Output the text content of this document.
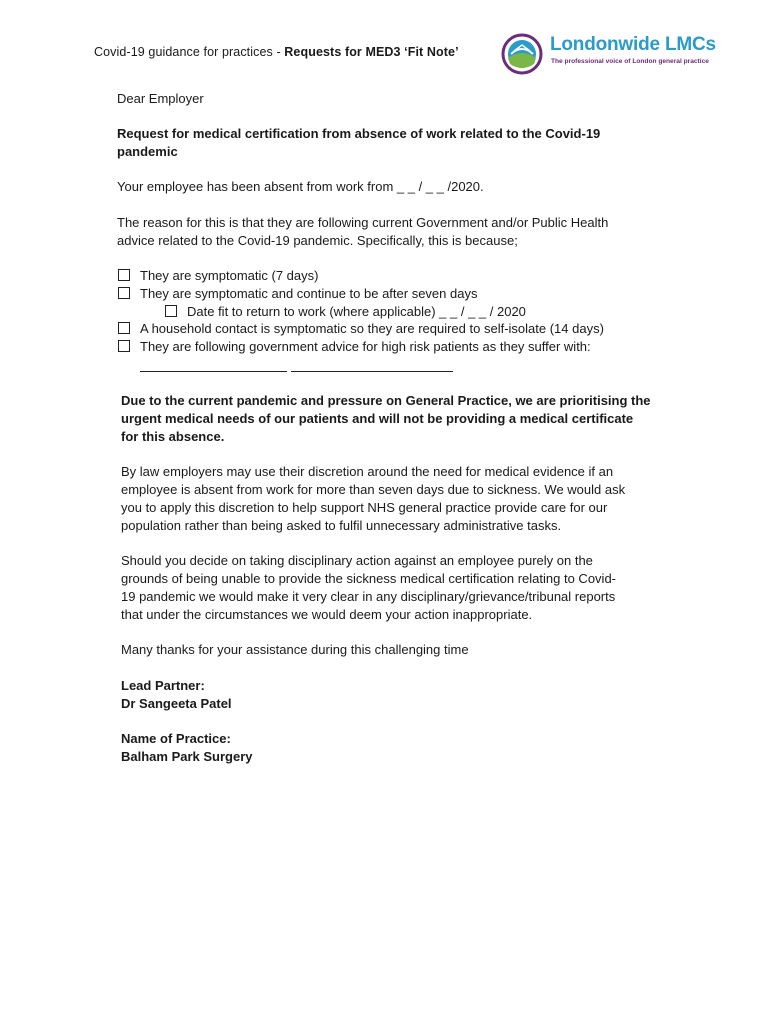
Covid-19 guidance for practices - Requests for MED3 ‘Fit Note’	Londonwide LMCs
The professional voice of London general practice
Dear Employer
Request for medical certification from absence of work related to the Covid-19
pandemic
Your employee has been absent from work from _ _ / _ _ /2020.
The reason for this is that they are following current Government and/or Public Health
advice related to the Covid-19 pandemic. Specifically, this is because;
They are symptomatic (7 days)
They are symptomatic and continue to be after seven days
Date fit to return to work (where applicable) _ _ / _ _ / 2020
A household contact is symptomatic so they are required to self-isolate (14 days)
They are following government advice for high risk patients as they suffer with:
Due to the current pandemic and pressure on General Practice, we are prioritising the
urgent medical needs of our patients and will not be providing a medical certificate
for this absence.
By law employers may use their discretion around the need for medical evidence if an
employee is absent from work for more than seven days due to sickness. We would ask
you to apply this discretion to help support NHS general practice provide care for our
population rather than being asked to fulfil unnecessary administrative tasks.
Should you decide on taking disciplinary action against an employee purely on the
grounds of being unable to provide the sickness medical certification relating to Covid-
19 pandemic we would make it very clear in any disciplinary/grievance/tribunal reports
that under the circumstances we would deem your action inappropriate.
Many thanks for your assistance during this challenging time
Lead Partner:
Dr Sangeeta Patel
Name of Practice:
Balham Park Surgery
